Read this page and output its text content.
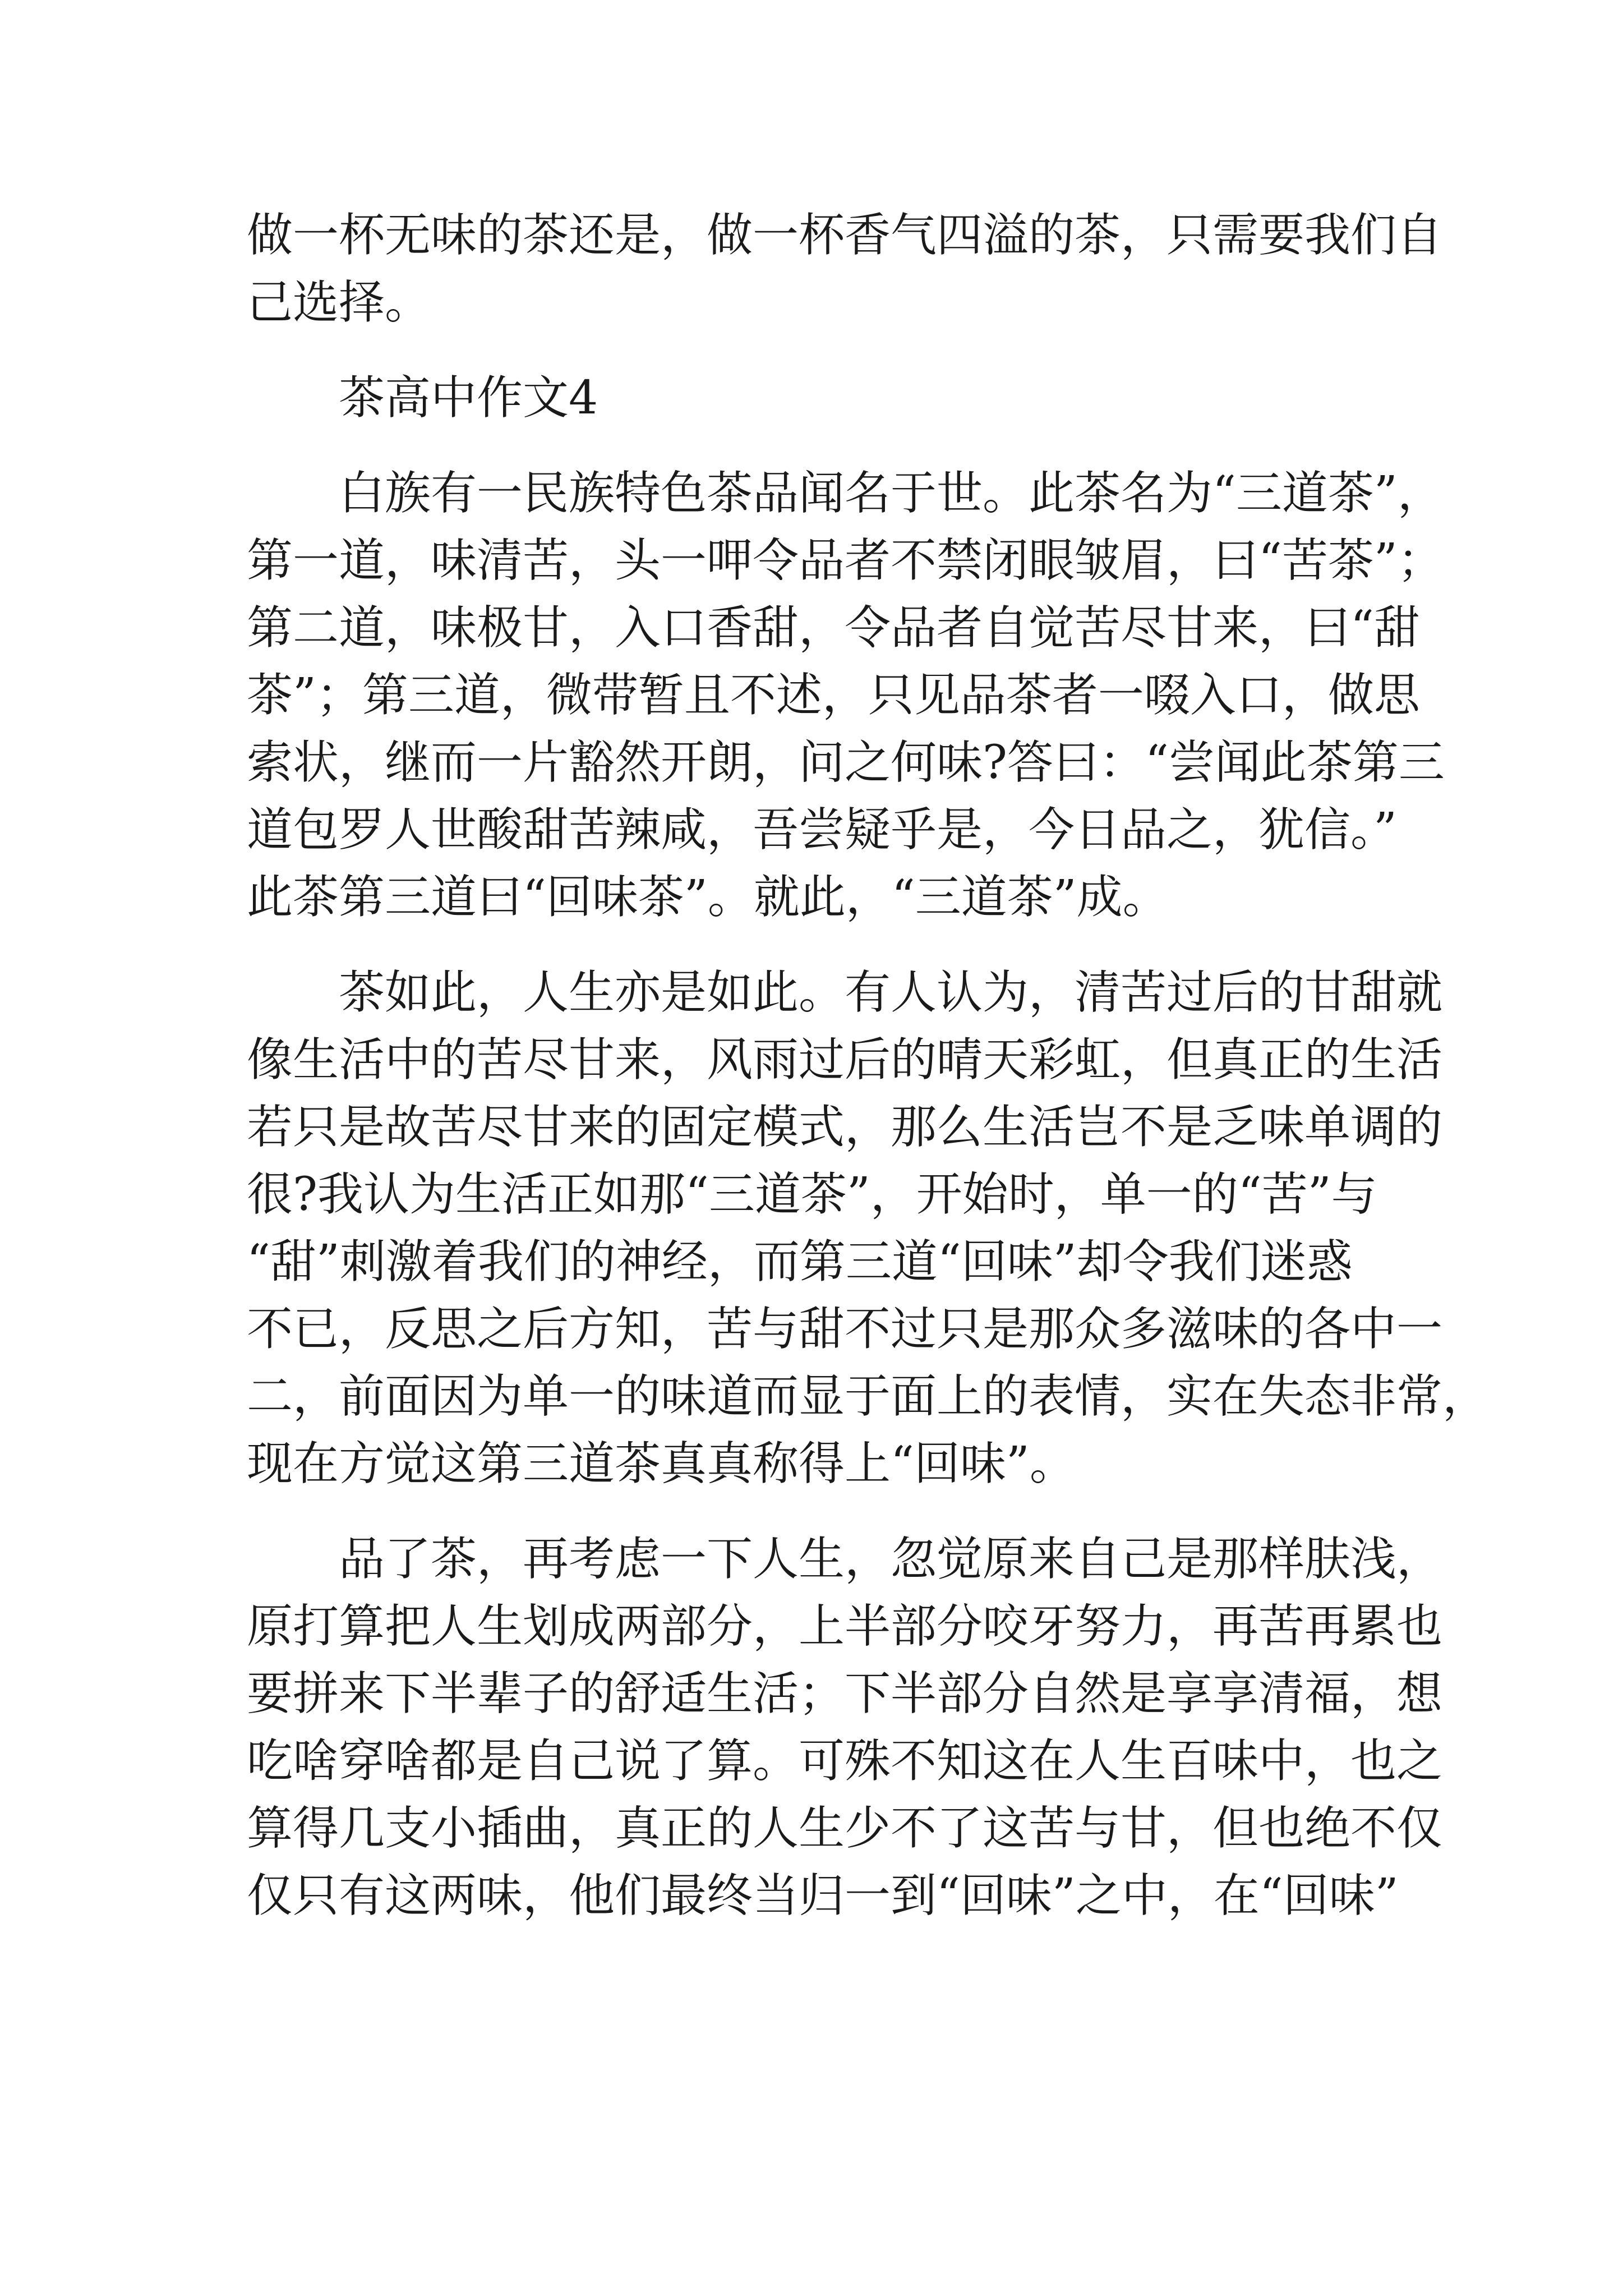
做一杯无味的茶还是，做一杯香气四溢的茶，只需要我们自

己选择。

茶高中作文4

白族有一民族特色茶品闻名于世。此茶名为“三道茶”，

第一道，味清苦，头一呷令品者不禁闭眼皱眉，曰“苦茶”；

第二道，味极甘，入口香甜，令品者自觉苦尽甘来，曰“甜

茶”；第三道，微带暂且不述，只见品茶者一啜入口，做思

索状，继而一片豁然开朗，问之何味?答曰：“尝闻此茶第三

道包罗人世酸甜苦辣咸，吾尝疑乎是，今日品之，犹信。”

此茶第三道曰“回味茶”。就此，“三道茶”成。

茶如此，人生亦是如此。有人认为，清苦过后的甘甜就

像生活中的苦尽甘来，风雨过后的晴天彩虹，但真正的生活

若只是故苦尽甘来的固定模式，那么生活岂不是乏味单调的

很?我认为生活正如那“三道茶”，开始时，单一的“苦”与

“甜”刺激着我们的神经，而第三道“回味”却令我们迷惑

不已，反思之后方知，苦与甜不过只是那众多滋味的各中一

二，前面因为单一的味道而显于面上的表情，实在失态非常，

现在方觉这第三道茶真真称得上“回味”。

品了茶，再考虑一下人生，忽觉原来自己是那样肤浅，

原打算把人生划成两部分，上半部分咬牙努力，再苦再累也

要拼来下半辈子的舒适生活；下半部分自然是享享清福，想

吃啥穿啥都是自己说了算。可殊不知这在人生百味中，也之

算得几支小插曲，真正的人生少不了这苦与甘，但也绝不仅

仅只有这两味，他们最终当归一到“回味”之中，在“回味”
